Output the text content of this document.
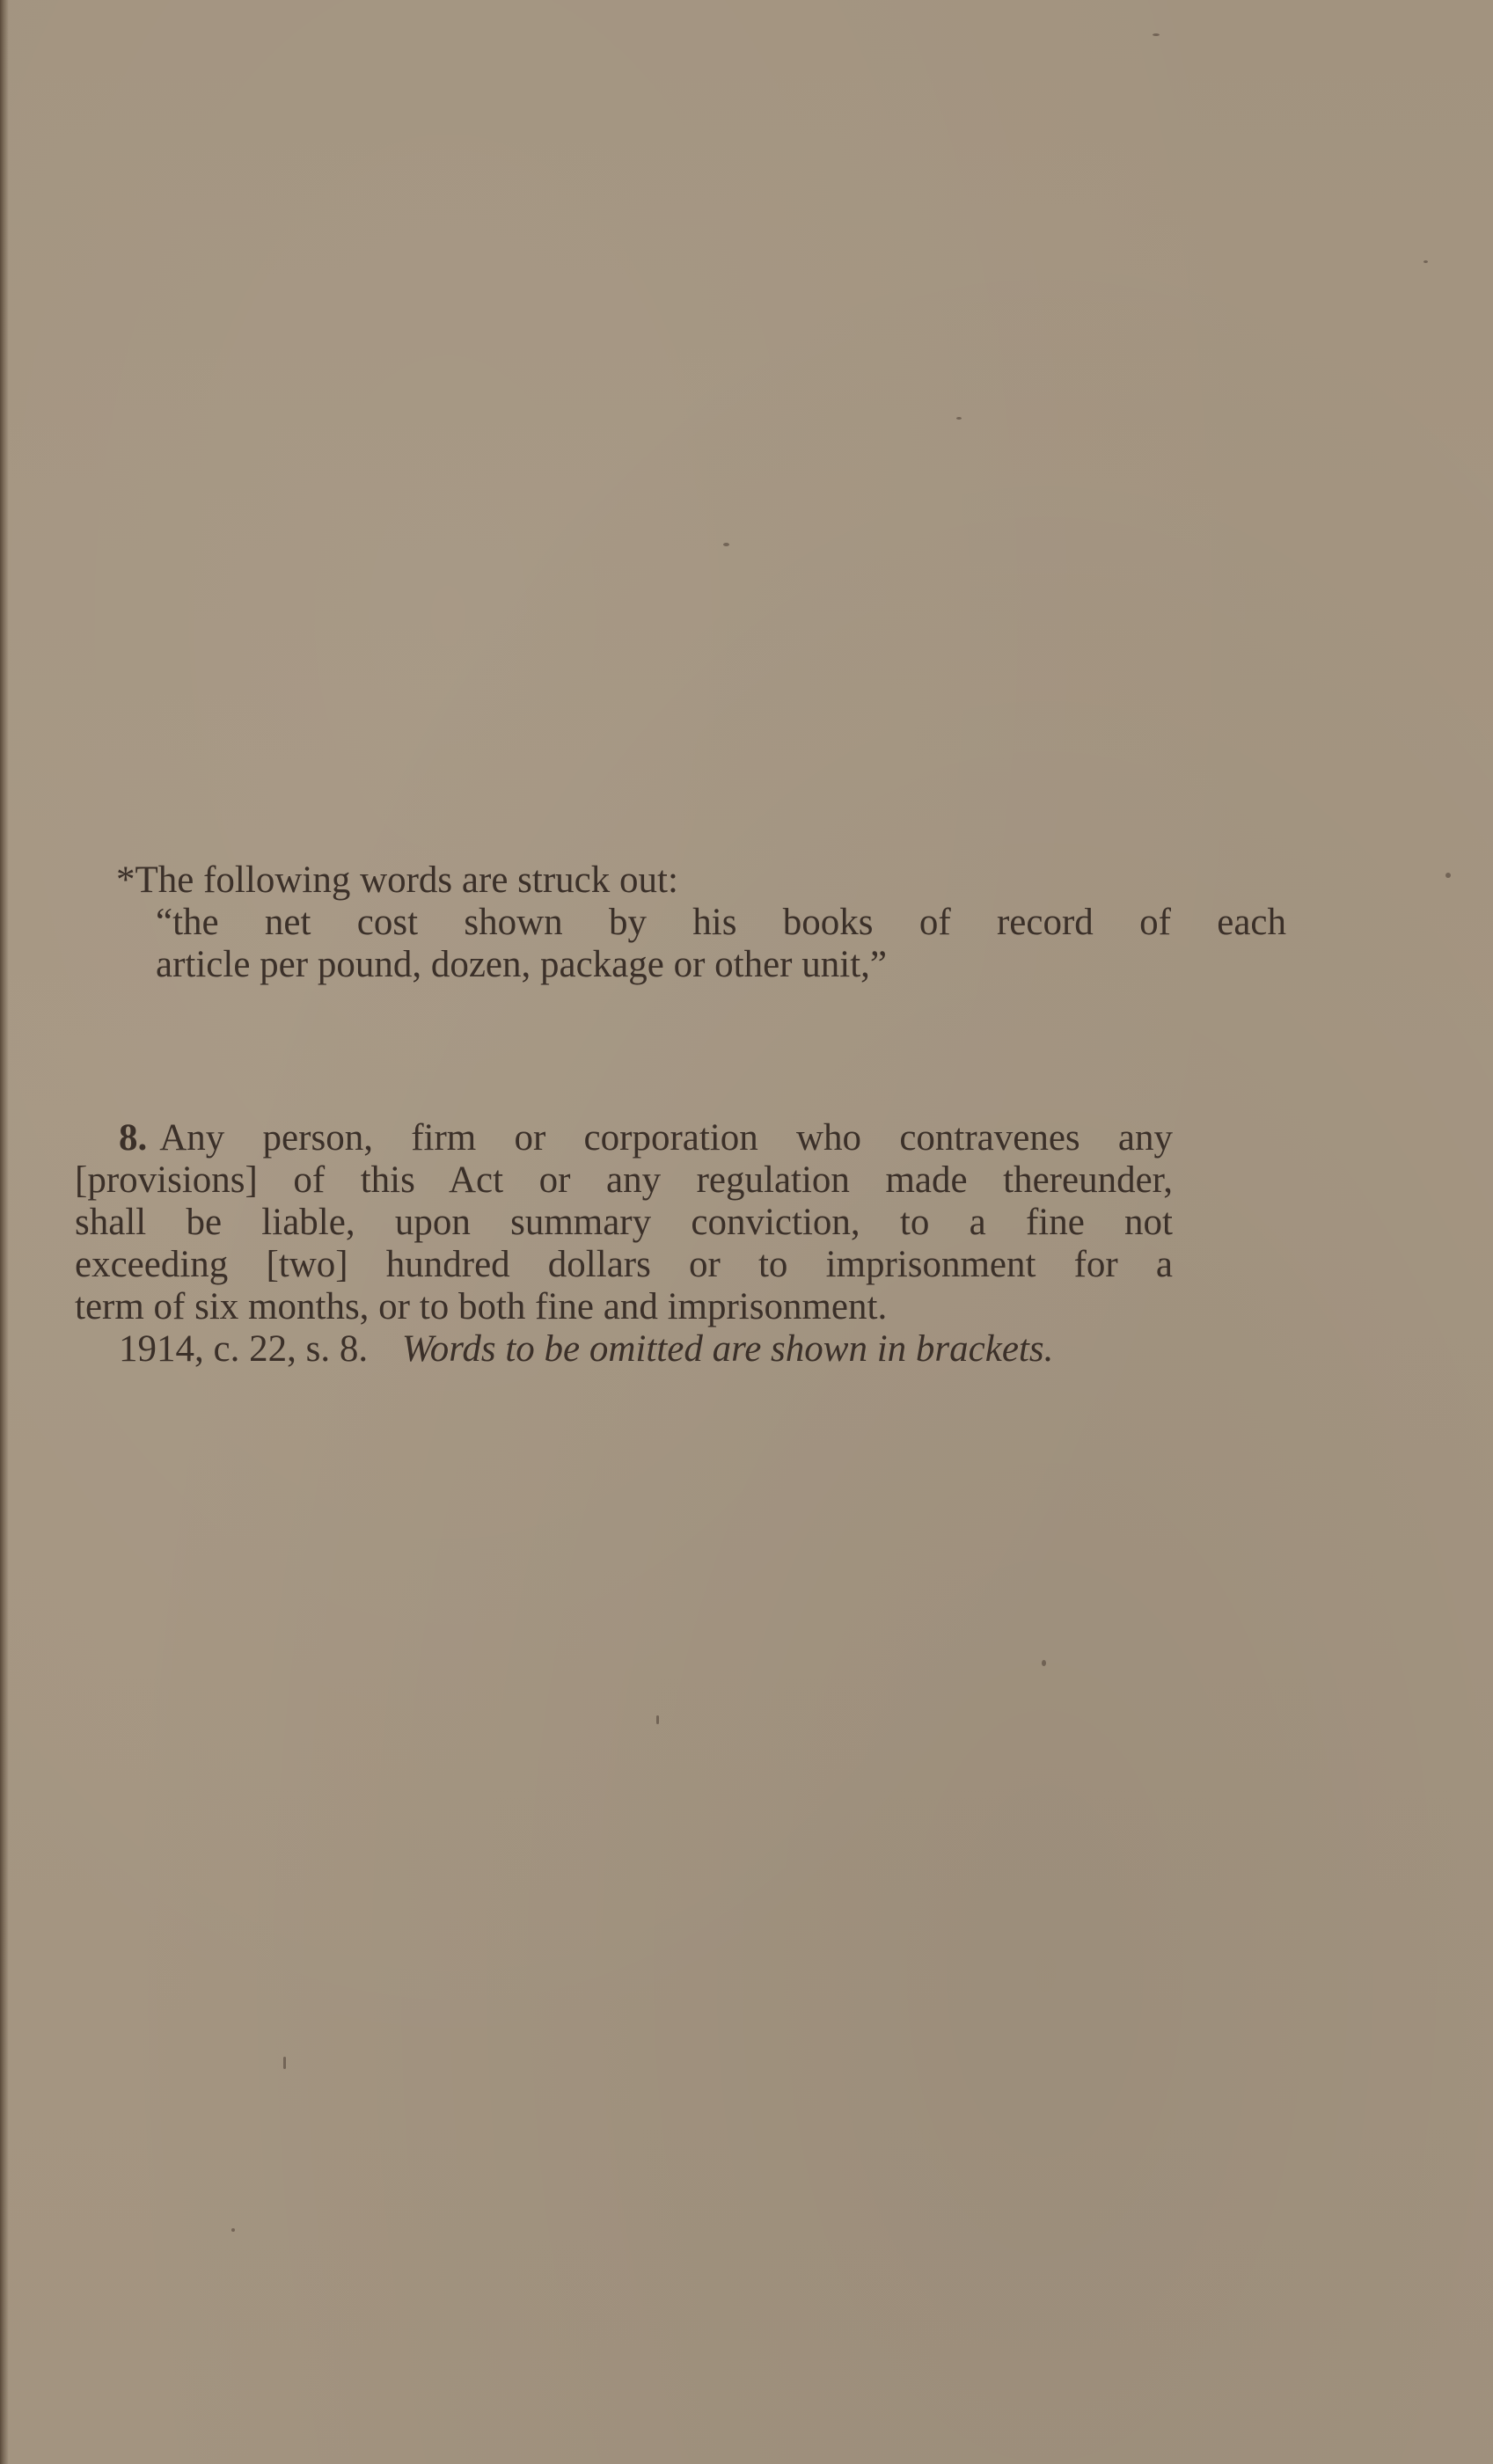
*The following words are struck out:
“the net cost shown by his books of record of each
article per pound, dozen, package or other unit,”
8. Any person, firm or corporation who contravenes any
[provisions] of this Act or any regulation made thereunder,
shall be liable, upon summary conviction, to a fine not
exceeding [two] hundred dollars or to imprisonment for a
term of six months, or to both fine and imprisonment.
1914, c. 22, s. 8. Words to be omitted are shown in brackets.
